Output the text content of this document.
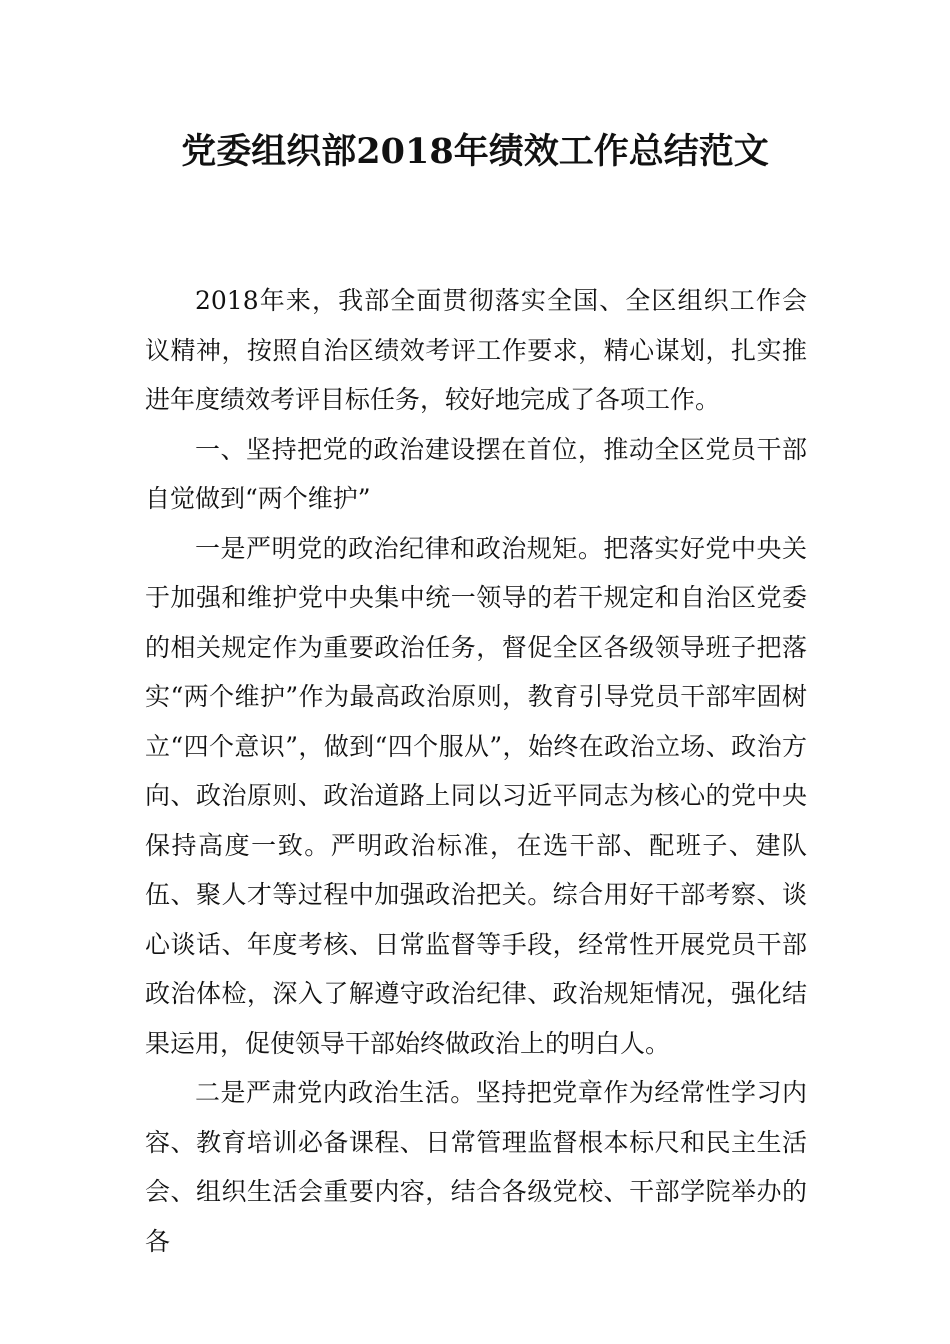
党委组织部2018年绩效工作总结范文

2018年来，我部全面贯彻落实全国、全区组织工作会议精神，按照自治区绩效考评工作要求，精心谋划，扎实推进年度绩效考评目标任务，较好地完成了各项工作。

一、坚持把党的政治建设摆在首位，推动全区党员干部自觉做到“两个维护”

一是严明党的政治纪律和政治规矩。把落实好党中央关于加强和维护党中央集中统一领导的若干规定和自治区党委的相关规定作为重要政治任务，督促全区各级领导班子把落实“两个维护”作为最高政治原则，教育引导党员干部牢固树立“四个意识”，做到“四个服从”，始终在政治立场、政治方向、政治原则、政治道路上同以习近平同志为核心的党中央保持高度一致。严明政治标准，在选干部、配班子、建队伍、聚人才等过程中加强政治把关。综合用好干部考察、谈心谈话、年度考核、日常监督等手段，经常性开展党员干部政治体检，深入了解遵守政治纪律、政治规矩情况，强化结果运用，促使领导干部始终做政治上的明白人。

二是严肃党内政治生活。坚持把党章作为经常性学习内容、教育培训必备课程、日常管理监督根本标尺和民主生活会、组织生活会重要内容，结合各级党校、干部学院举办的各
